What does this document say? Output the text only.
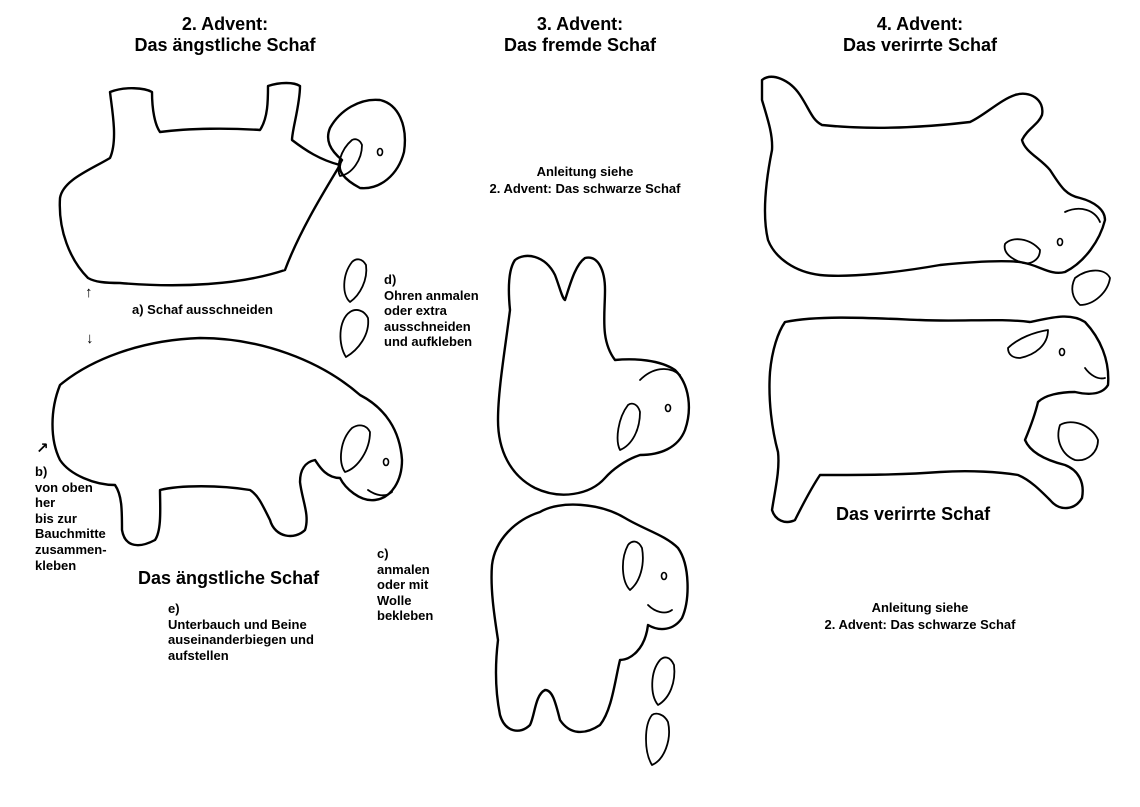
2. Advent:
Das ängstliche Schaf
3. Advent:
Das fremde Schaf
4. Advent:
Das verirrte Schaf
a) Schaf ausschneiden
d)
Ohren anmalen
oder extra
ausschneiden
und aufkleben
b)
von oben
her
bis zur
Bauchmitte
zusammen-
kleben
c)
anmalen
oder mit
Wolle
bekleben
Das ängstliche Schaf
e)
Unterbauch und Beine
auseinanderbiegen und
aufstellen
Anleitung siehe
2. Advent: Das schwarze Schaf
Das verirrte Schaf
Anleitung siehe
2. Advent: Das schwarze Schaf
↑
↓
↗
